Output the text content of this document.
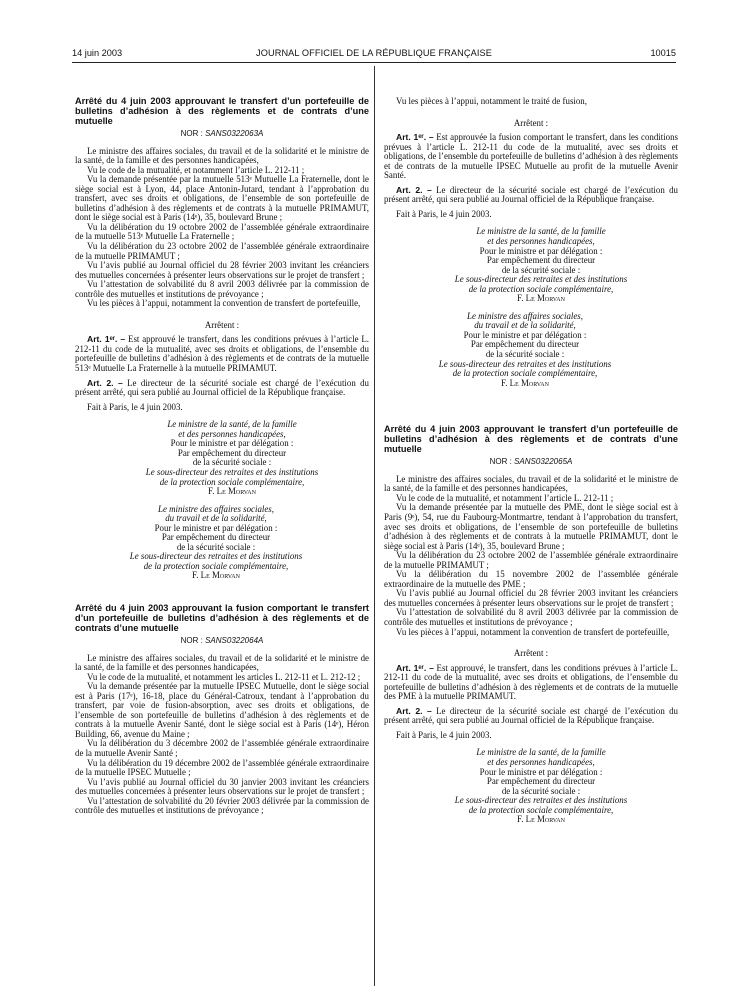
14 juin 2003	JOURNAL OFFICIEL DE LA RÉPUBLIQUE FRANÇAISE	10015

Arrêté du 4 juin 2003 approuvant le transfert d’un portefeuille de bulletins d’adhésion à des règlements et de contrats d’une mutuelle

NOR : SANS0322063A

Le ministre des affaires sociales, du travail et de la solidarité et le ministre de la santé, de la famille et des personnes handicapées,

Vu le code de la mutualité, et notamment l’article L. 212-11 ;

Vu la demande présentée par la mutuelle 513ᵉ Mutuelle La Fraternelle, dont le siège social est à Lyon, 44, place Antonin-Jutard, tendant à l’approbation du transfert, avec ses droits et obligations, de l’ensemble de son portefeuille de bulletins d’adhésion à des règlements et de contrats à la mutuelle PRIMAMUT, dont le siège social est à Paris (14ᵉ), 35, boulevard Brune ;

Vu la délibération du 19 octobre 2002 de l’assemblée générale extraordinaire de la mutuelle 513ᵉ Mutuelle La Fraternelle ;

Vu la délibération du 23 octobre 2002 de l’assemblée générale extraordinaire de la mutuelle PRIMAMUT ;

Vu l’avis publié au Journal officiel du 28 février 2003 invitant les créanciers des mutuelles concernées à présenter leurs observations sur le projet de transfert ;

Vu l’attestation de solvabilité du 8 avril 2003 délivrée par la commission de contrôle des mutuelles et institutions de prévoyance ;

Vu les pièces à l’appui, notamment la convention de transfert de portefeuille,

Arrêtent :

Art. 1ᵉʳ. – Est approuvé le transfert, dans les conditions prévues à l’article L. 212-11 du code de la mutualité, avec ses droits et obligations, de l’ensemble du portefeuille de bulletins d’adhésion à des règlements et de contrats de la mutuelle 513ᵉ Mutuelle La Fraternelle à la mutuelle PRIMAMUT.

Art. 2. – Le directeur de la sécurité sociale est chargé de l’exécution du présent arrêté, qui sera publié au Journal officiel de la République française.

Fait à Paris, le 4 juin 2003.

Le ministre de la santé, de la famille
et des personnes handicapées,
Pour le ministre et par délégation :
Par empêchement du directeur
de la sécurité sociale :
Le sous-directeur des retraites et des institutions
de la protection sociale complémentaire,
F. Le Morvan
Le ministre des affaires sociales,
du travail et de la solidarité,
Pour le ministre et par délégation :
Par empêchement du directeur
de la sécurité sociale :
Le sous-directeur des retraites et des institutions
de la protection sociale complémentaire,
F. Le Morvan

Arrêté du 4 juin 2003 approuvant la fusion comportant le transfert d’un portefeuille de bulletins d’adhésion à des règlements et de contrats d’une mutuelle

NOR : SANS0322064A

Le ministre des affaires sociales, du travail et de la solidarité et le ministre de la santé, de la famille et des personnes handicapées,

Vu le code de la mutualité, et notamment les articles L. 212-11 et L. 212-12 ;

Vu la demande présentée par la mutuelle IPSEC Mutuelle, dont le siège social est à Paris (17ᵉ), 16-18, place du Général-Catroux, tendant à l’approbation du transfert, par voie de fusion-absorption, avec ses droits et obligations, de l’ensemble de son portefeuille de bulletins d’adhésion à des règlements et de contrats à la mutuelle Avenir Santé, dont le siège social est à Paris (14ᵉ), Héron Building, 66, avenue du Maine ;

Vu la délibération du 3 décembre 2002 de l’assemblée générale extraordinaire de la mutuelle Avenir Santé ;

Vu la délibération du 19 décembre 2002 de l’assemblée générale extraordinaire de la mutuelle IPSEC Mutuelle ;

Vu l’avis publié au Journal officiel du 30 janvier 2003 invitant les créanciers des mutuelles concernées à présenter leurs observations sur le projet de transfert ;

Vu l’attestation de solvabilité du 20 février 2003 délivrée par la commission de contrôle des mutuelles et institutions de prévoyance ;

Vu les pièces à l’appui, notamment le traité de fusion,

Arrêtent :

Art. 1ᵉʳ. – Est approuvée la fusion comportant le transfert, dans les conditions prévues à l’article L. 212-11 du code de la mutualité, avec ses droits et obligations, de l’ensemble du portefeuille de bulletins d’adhésion à des règlements et de contrats de la mutuelle IPSEC Mutuelle au profit de la mutuelle Avenir Santé.

Art. 2. – Le directeur de la sécurité sociale est chargé de l’exécution du présent arrêté, qui sera publié au Journal officiel de la République française.

Fait à Paris, le 4 juin 2003.

Le ministre de la santé, de la famille
et des personnes handicapées,
Pour le ministre et par délégation :
Par empêchement du directeur
de la sécurité sociale :
Le sous-directeur des retraites et des institutions
de la protection sociale complémentaire,
F. Le Morvan
Le ministre des affaires sociales,
du travail et de la solidarité,
Pour le ministre et par délégation :
Par empêchement du directeur
de la sécurité sociale :
Le sous-directeur des retraites et des institutions
de la protection sociale complémentaire,
F. Le Morvan

Arrêté du 4 juin 2003 approuvant le transfert d’un portefeuille de bulletins d’adhésion à des règlements et de contrats d’une mutuelle

NOR : SANS0322065A

Le ministre des affaires sociales, du travail et de la solidarité et le ministre de la santé, de la famille et des personnes handicapées,

Vu le code de la mutualité, et notamment l’article L. 212-11 ;

Vu la demande présentée par la mutuelle des PME, dont le siège social est à Paris (9ᵉ), 54, rue du Faubourg-Montmartre, tendant à l’approbation du transfert, avec ses droits et obligations, de l’ensemble de son portefeuille de bulletins d’adhésion à des règlements et de contrats à la mutuelle PRIMAMUT, dont le siège social est à Paris (14ᵉ), 35, boulevard Brune ;

Vu la délibération du 23 octobre 2002 de l’assemblée générale extraordinaire de la mutuelle PRIMAMUT ;

Vu la délibération du 15 novembre 2002 de l’assemblée générale extraordinaire de la mutuelle des PME ;

Vu l’avis publié au Journal officiel du 28 février 2003 invitant les créanciers des mutuelles concernées à présenter leurs observations sur le projet de transfert ;

Vu l’attestation de solvabilité du 8 avril 2003 délivrée par la commission de contrôle des mutuelles et institutions de prévoyance ;

Vu les pièces à l’appui, notamment la convention de transfert de portefeuille,

Arrêtent :

Art. 1ᵉʳ. – Est approuvé, le transfert, dans les conditions prévues à l’article L. 212-11 du code de la mutualité, avec ses droits et obligations, de l’ensemble du portefeuille de bulletins d’adhésion à des règlements et de contrats de la mutuelle des PME à la mutuelle PRIMAMUT.

Art. 2. – Le directeur de la sécurité sociale est chargé de l’exécution du présent arrêté, qui sera publié au Journal officiel de la République française.

Fait à Paris, le 4 juin 2003.

Le ministre de la santé, de la famille
et des personnes handicapées,
Pour le ministre et par délégation :
Par empêchement du directeur
de la sécurité sociale :
Le sous-directeur des retraites et des institutions
de la protection sociale complémentaire,
F. Le Morvan
